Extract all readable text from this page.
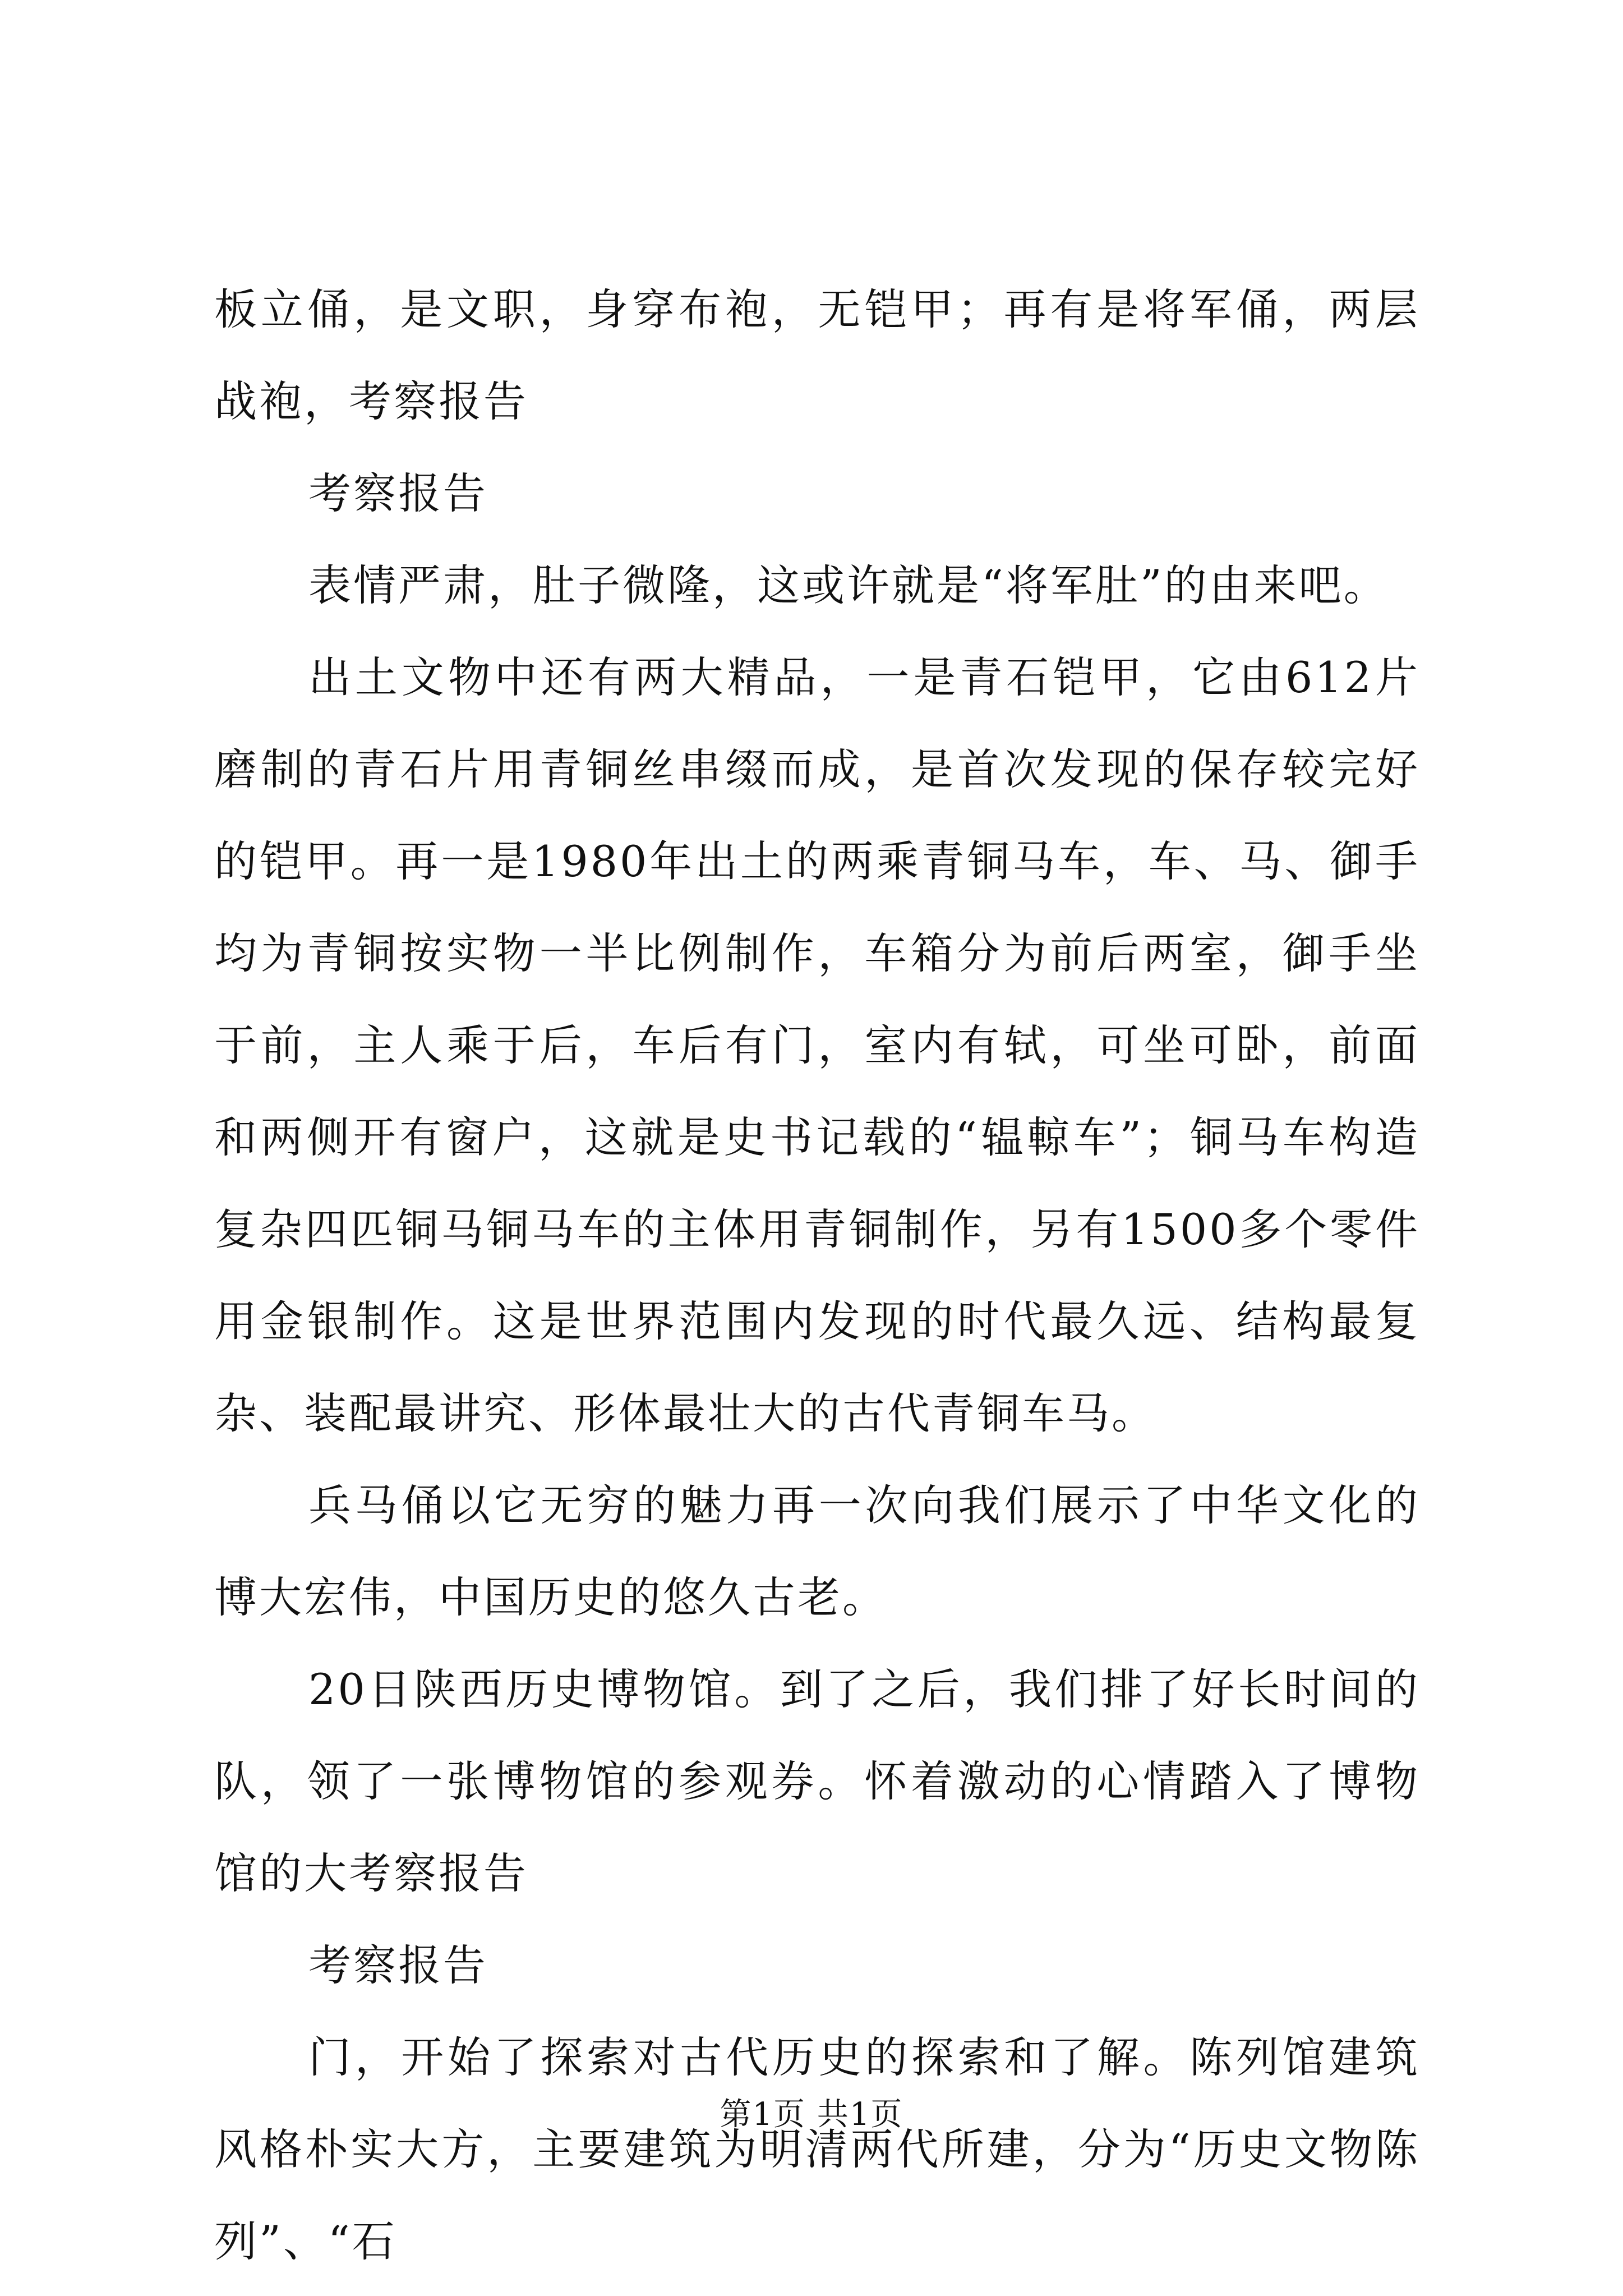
板立俑，是文职，身穿布袍，无铠甲；再有是将军俑，两层战袍，考察报告

考察报告

表情严肃，肚子微隆，这或许就是“将军肚”的由来吧。

出土文物中还有两大精品，一是青石铠甲，它由612片磨制的青石片用青铜丝串缀而成，是首次发现的保存较完好的铠甲。再一是1980年出土的两乘青铜马车，车、马、御手均为青铜按实物一半比例制作，车箱分为前后两室，御手坐于前，主人乘于后，车后有门，室内有轼，可坐可卧，前面和两侧开有窗户，这就是史书记载的“辒輬车”；铜马车构造复杂四匹铜马铜马车的主体用青铜制作，另有1500多个零件用金银制作。这是世界范围内发现的时代最久远、结构最复杂、装配最讲究、形体最壮大的古代青铜车马。

兵马俑以它无穷的魅力再一次向我们展示了中华文化的博大宏伟，中国历史的悠久古老。

20日陕西历史博物馆。到了之后，我们排了好长时间的队，领了一张博物馆的参观券。怀着激动的心情踏入了博物馆的大考察报告

考察报告

门，开始了探索对古代历史的探索和了解。陈列馆建筑风格朴实大方，主要建筑为明清两代所建，分为“历史文物陈列”、“石

第1页 共1页
